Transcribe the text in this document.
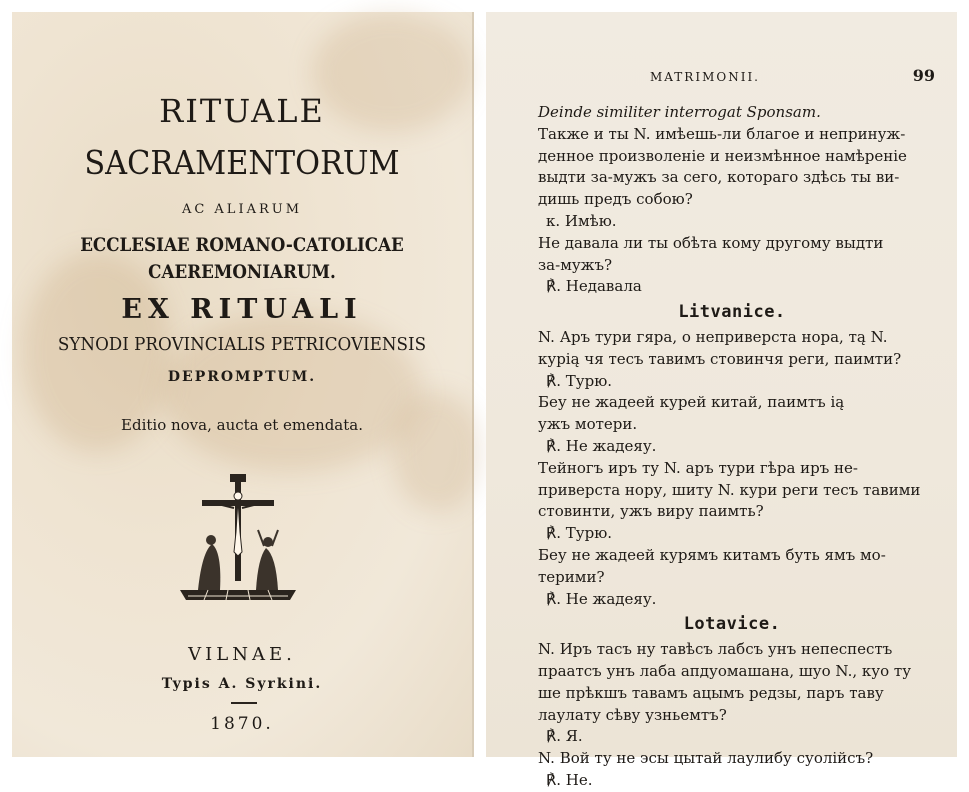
RITUALE
SACRAMENTORUM
AC ALIARUM
ECCLESIAE ROMANO-CATOLICAE
CAEREMONIARUM.
EX RITUALI
SYNODI PROVINCIALIS PETRICOVIENSIS
DEPROMPTUM.
Editio nova, aucta et emendata.
VILNAE.
Typis A. Syrkini.
1870.
MATRIMONII.	99
Deinde similiter interrogat Sponsam.
Также и ты N. имѣешь-ли благое и непринуж-
денное произволеніе и неизмѣнное намѣреніе
выдти за-мужъ за сего, котораго здѣсь ты ви-
дишь предъ собою?
к. Имѣю.
Не давала ли ты обѣта кому другому выдти
за-мужъ?
℟. Недавала
Litvanice.
N. Аръ тури гяра, о неприверста нора, тą N.
курią чя тесъ тавимъ стовинчя реги, паимти?
℟. Турю.
Беу не жадеей курей китай, паимтъ ią
ужъ мотери.
℟. Не жадеяу.
Тейногъ иръ ту N. аръ тури гѣра иръ не-
приверста нору, шиту N. кури реги тесъ тавими
стовинти, ужъ виру паимть?
℟. Турю.
Беу не жадеей курямъ китамъ буть ямъ мо-
терими?
℟. Не жадеяу.
Lotavice.
N. Иръ тасъ ну тавѣсъ лабсъ унъ непеспестъ
праатсъ унъ лаба апдуомашана, шуо N., куо ту
ше прѣкшъ тавамъ ацымъ редзы, паръ таву
лаулату сѣву узньемтъ?
℟. Я.
N. Вой ту не эсы цытай лаулибу суолійсъ?
℟. Не.
